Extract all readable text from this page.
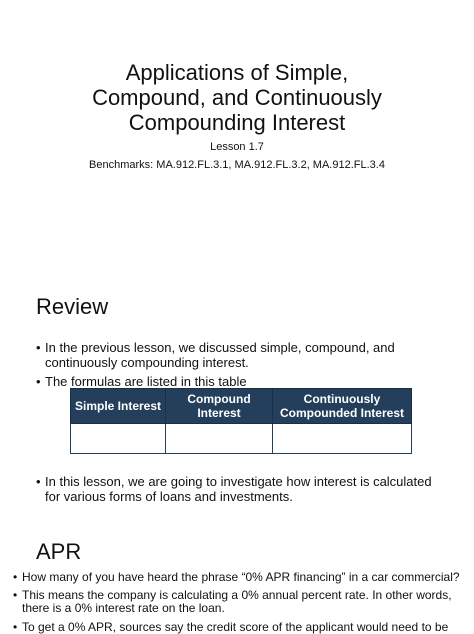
Applications of Simple,
Compound, and Continuously
Compounding Interest
Lesson 1.7
Benchmarks: MA.912.FL.3.1, MA.912.FL.3.2, MA.912.FL.3.4
Review
• In the previous lesson, we discussed simple, compound, and continuously compounding interest.
• The formulas are listed in this table
• In this lesson, we are going to investigate how interest is calculated for various forms of loans and investments.
Simple Interest	Compound Interest	Continuously Compounded Interest

APR
• How many of you have heard the phrase “0% APR financing” in a car commercial?
• This means the company is calculating a 0% annual percent rate. In other words, there is a 0% interest rate on the loan.
• To get a 0% APR, sources say the credit score of the applicant would need to be
